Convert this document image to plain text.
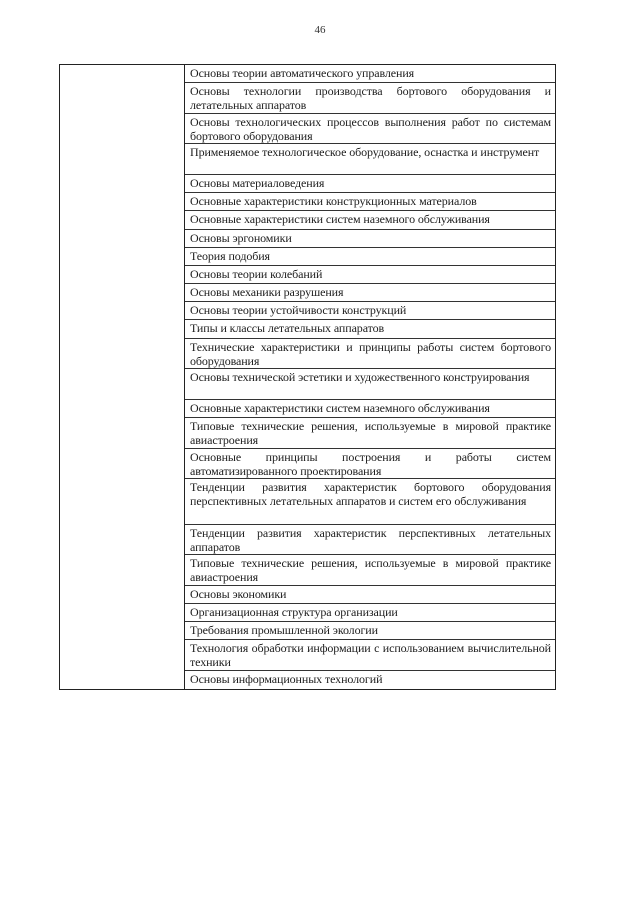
46
Основы теории автоматического управления
Основы технологии производства бортового оборудования и летательных аппаратов
Основы технологических процессов выполнения работ по системам бортового оборудования
Применяемое технологическое оборудование, оснастка и инструмент
Основы материаловедения
Основные характеристики конструкционных материалов
Основные характеристики систем наземного обслуживания
Основы эргономики
Теория подобия
Основы теории колебаний
Основы механики разрушения
Основы теории устойчивости конструкций
Типы и классы летательных аппаратов
Технические характеристики и принципы работы систем бортового оборудования
Основы технической эстетики и художественного конструирования
Основные характеристики систем наземного обслуживания
Типовые технические решения, используемые в мировой практике авиастроения
Основные принципы построения и работы систем автоматизированного проектирования
Тенденции развития характеристик бортового оборудования перспективных летательных аппаратов и систем его обслуживания
Тенденции развития характеристик перспективных летательных аппаратов
Типовые технические решения, используемые в мировой практике авиастроения
Основы экономики
Организационная структура организации
Требования промышленной экологии
Технология обработки информации с использованием вычислительной техники
Основы информационных технологий
